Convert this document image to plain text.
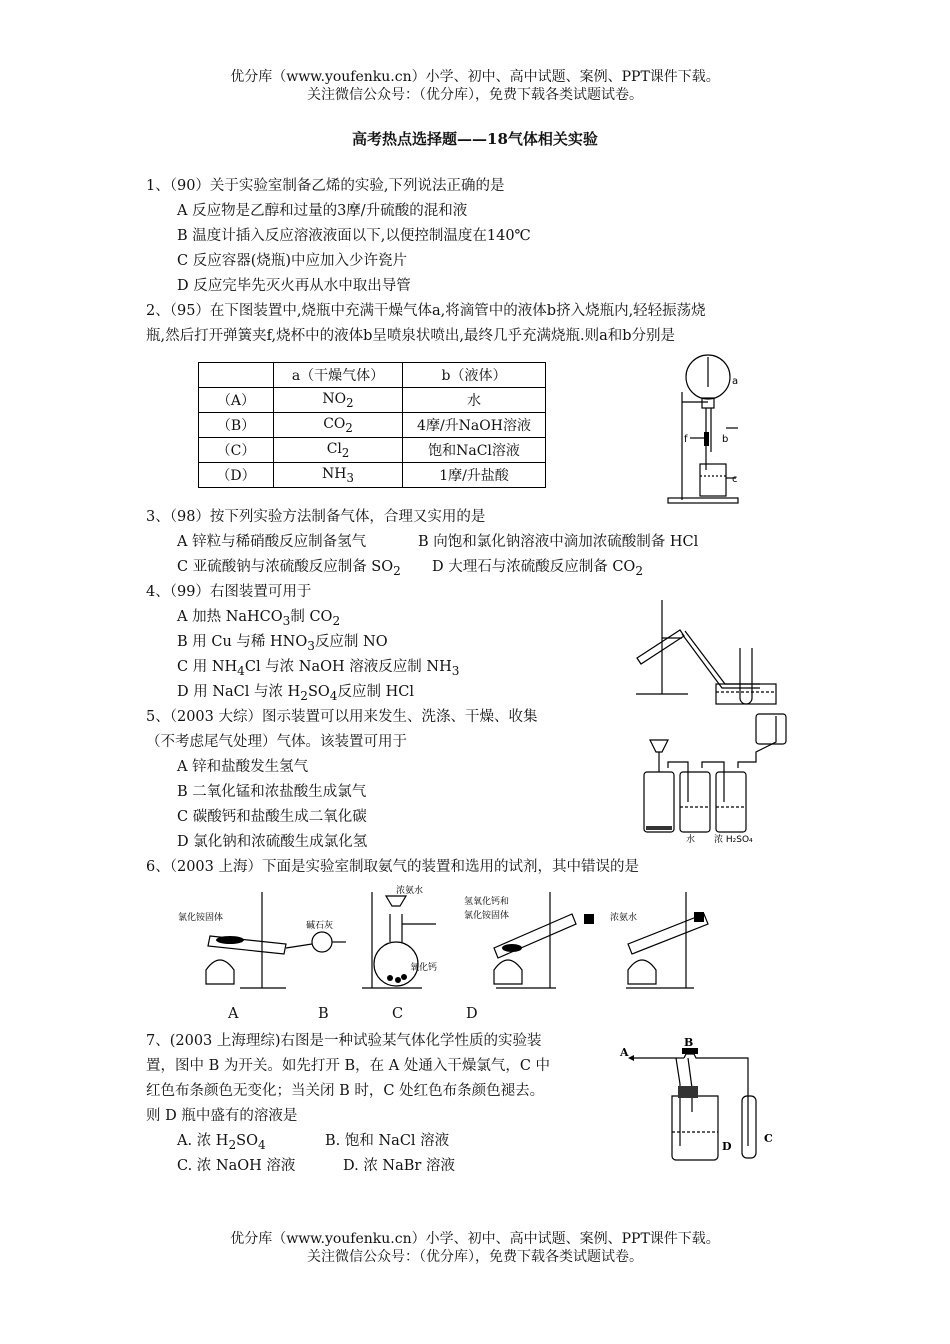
优分库（www.youfenku.cn）小学、初中、高中试题、案例、PPT课件下载。
关注微信公众号：（优分库），免费下载各类试题试卷。
高考热点选择题——18气体相关实验
1、（90）关于实验室制备乙烯的实验,下列说法正确的是
A 反应物是乙醇和过量的3摩/升硫酸的混和液
B 温度计插入反应溶液液面以下,以便控制温度在140℃
C 反应容器(烧瓶)中应加入少许瓷片
D 反应完毕先灭火再从水中取出导管
2、（95）在下图装置中,烧瓶中充满干燥气体a,将滴管中的液体b挤入烧瓶内,轻轻振荡烧
瓶,然后打开弹簧夹f,烧杯中的液体b呈喷泉状喷出,最终几乎充满烧瓶.则a和b分别是
	a（干燥气体）	b（液体）
（A）	$NO_2$	水
（B）	$CO_2$	4摩/升NaOH溶液
（C）	$Cl_2$	饱和NaCl溶液
（D）	$NH_3$	1摩/升盐酸
a
f	b
c
3、（98）按下列实验方法制备气体，合理又实用的是
A 锌粒与稀硝酸反应制备氢气	B 向饱和氯化钠溶液中滴加浓硫酸制备 HCl
C 亚硫酸钠与浓硫酸反应制备 $SO_2$ D 大理石与浓硫酸反应制备 $CO_2$
4、（99）右图装置可用于
A 加热 NaHCO$_3$制 $CO_2$
B 用 Cu 与稀 $HNO_3$反应制 NO
C 用 $NH_4Cl$ 与浓 NaOH 溶液反应制 $NH_3$
D 用 NaCl 与浓 $H_2SO_4$反应制 HCl
5、（2003 大综）图示装置可以用来发生、洗涤、干燥、收集
（不考虑尾气处理）气体。该装置可用于
A 锌和盐酸发生氢气
B 二氧化锰和浓盐酸生成氯气
C 碳酸钙和盐酸生成二氧化碳
D 氯化钠和浓硫酸生成氯化氢	水 浓 H₂SO₄
6、（2003 上海）下面是实验室制取氨气的装置和选用的试剂，其中错误的是
氯化铵固体
碱石灰
浓氨水
氧化钙
氢氧化钙和
氯化铵固体	浓氨水
A	B	C	D
7、(2003 上海理综)右图是一种试验某气体化学性质的实验装
置，图中 B 为开关。如先打开 B，在 A 处通入干燥氯气，C 中
红色布条颜色无变化；当关闭 B 时，C 处红色布条颜色褪去。
则 D 瓶中盛有的溶液是
A. 浓 $H_2SO_4$	B. 饱和 NaCl 溶液
C. 浓 NaOH 溶液	D. 浓 NaBr 溶液
A
B
C
D
优分库（www.youfenku.cn）小学、初中、高中试题、案例、PPT课件下载。
关注微信公众号：（优分库），免费下载各类试题试卷。
